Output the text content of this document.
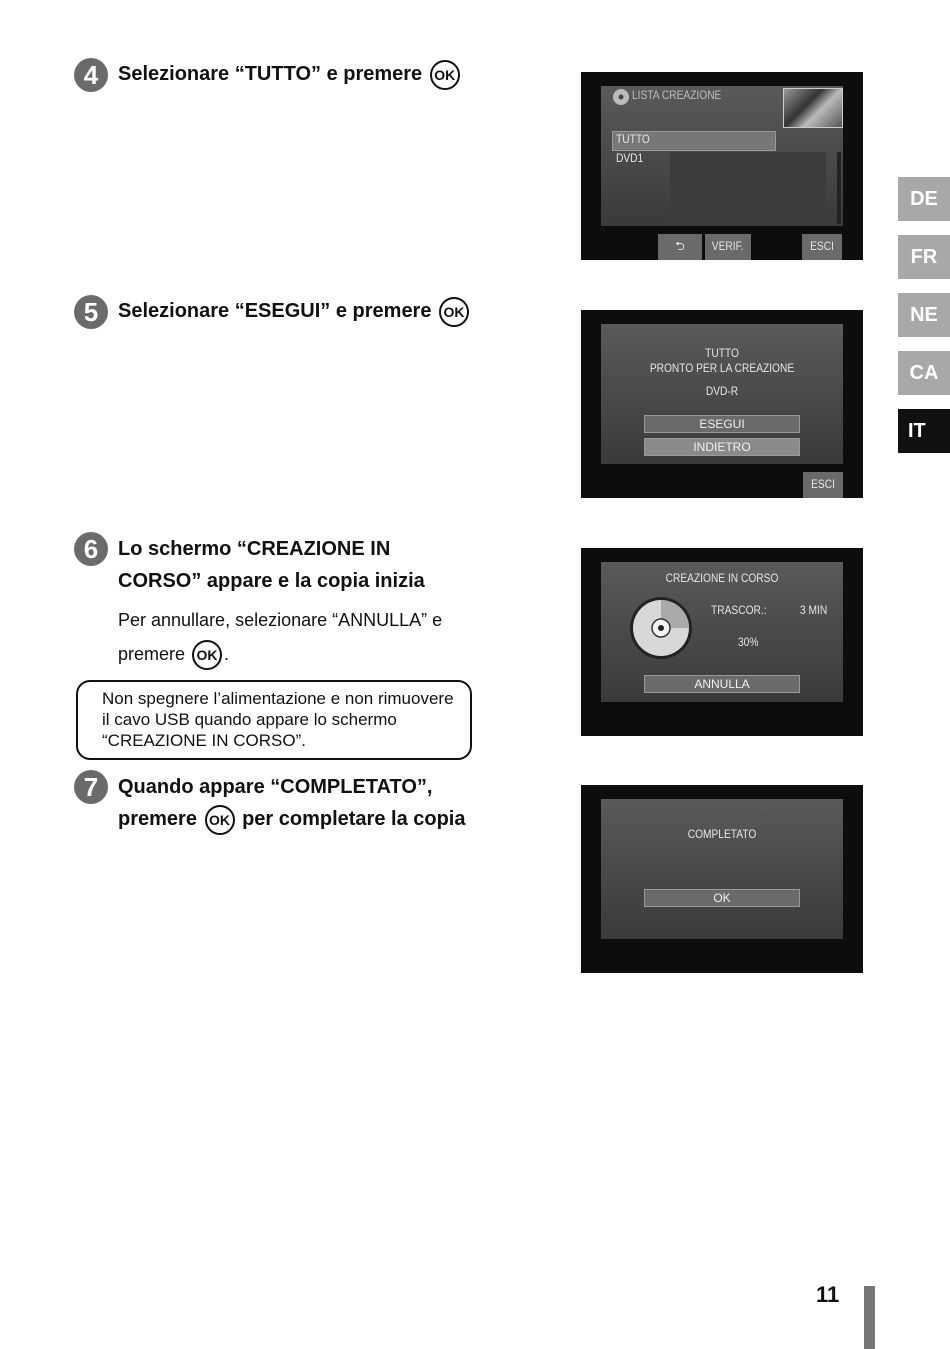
4 Selezionare “TUTTO” e premere OK
5 Selezionare “ESEGUI” e premere OK
6 Lo schermo “CREAZIONE IN
CORSO” appare e la copia inizia
Per annullare, selezionare “ANNULLA” e
premere OK .
Non spegnere l’alimentazione e non rimuovere il cavo USB quando appare lo schermo “CREAZIONE IN CORSO”.
7 Quando appare “COMPLETATO”,
premere OK per completare la copia
LISTA CREAZIONE
TUTTO
DVD1
⮌	VERIF.	ESCI
TUTTO
PRONTO PER LA CREAZIONE
DVD-R
ESEGUI
INDIETRO
ESCI
CREAZIONE IN CORSO
TRASCOR.:	3 MIN
30%
ANNULLA
COMPLETATO
OK
DE
FR
NE
CA
IT
11
